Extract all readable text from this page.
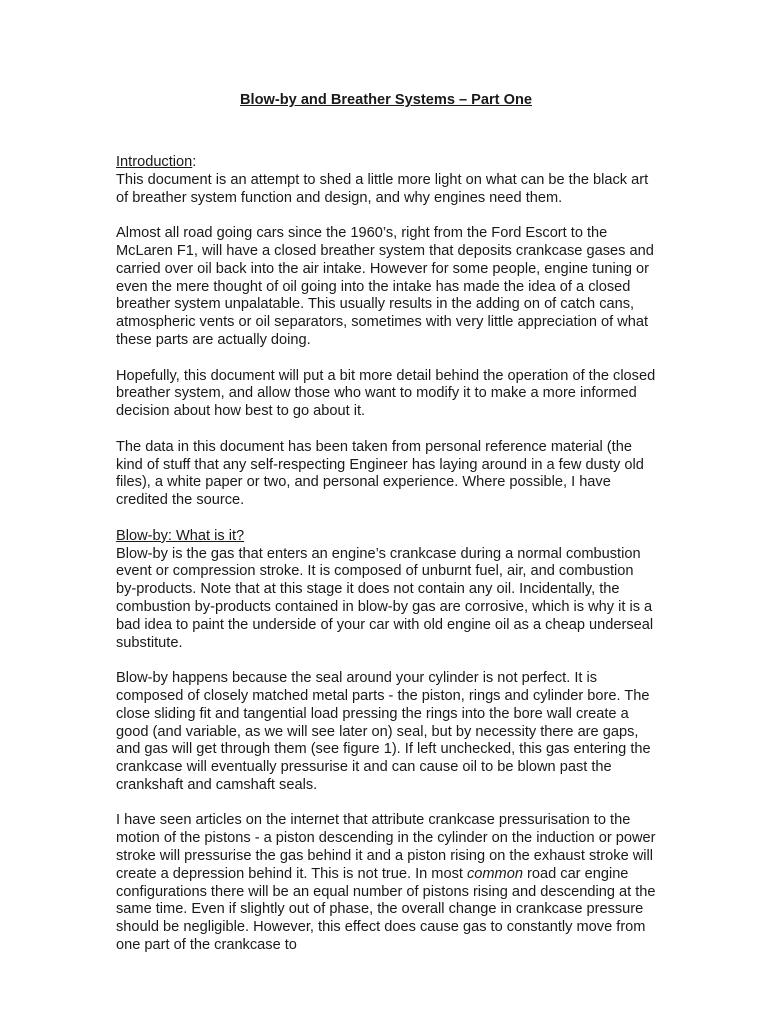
Blow-by and Breather Systems – Part One
Introduction:
This document is an attempt to shed a little more light on what can be the black art of breather system function and design, and why engines need them.
Almost all road going cars since the 1960’s, right from the Ford Escort to the McLaren F1, will have a closed breather system that deposits crankcase gases and carried over oil back into the air intake. However for some people, engine tuning or even the mere thought of oil going into the intake has made the idea of a closed breather system unpalatable. This usually results in the adding on of catch cans, atmospheric vents or oil separators, sometimes with very little appreciation of what these parts are actually doing.
Hopefully, this document will put a bit more detail behind the operation of the closed breather system, and allow those who want to modify it to make a more informed decision about how best to go about it.
The data in this document has been taken from personal reference material (the kind of stuff that any self-respecting Engineer has laying around in a few dusty old files), a white paper or two, and personal experience. Where possible, I have credited the source.
Blow-by: What is it?
Blow-by is the gas that enters an engine’s crankcase during a normal combustion event or compression stroke. It is composed of unburnt fuel, air, and combustion by-products. Note that at this stage it does not contain any oil. Incidentally, the combustion by-products contained in blow-by gas are corrosive, which is why it is a bad idea to paint the underside of your car with old engine oil as a cheap underseal substitute.
Blow-by happens because the seal around your cylinder is not perfect. It is composed of closely matched metal parts - the piston, rings and cylinder bore. The close sliding fit and tangential load pressing the rings into the bore wall create a good (and variable, as we will see later on) seal, but by necessity there are gaps, and gas will get through them (see figure 1). If left unchecked, this gas entering the crankcase will eventually pressurise it and can cause oil to be blown past the crankshaft and camshaft seals.
I have seen articles on the internet that attribute crankcase pressurisation to the motion of the pistons - a piston descending in the cylinder on the induction or power stroke will pressurise the gas behind it and a piston rising on the exhaust stroke will create a depression behind it. This is not true. In most common road car engine configurations there will be an equal number of pistons rising and descending at the same time. Even if slightly out of phase, the overall change in crankcase pressure should be negligible. However, this effect does cause gas to constantly move from one part of the crankcase to
